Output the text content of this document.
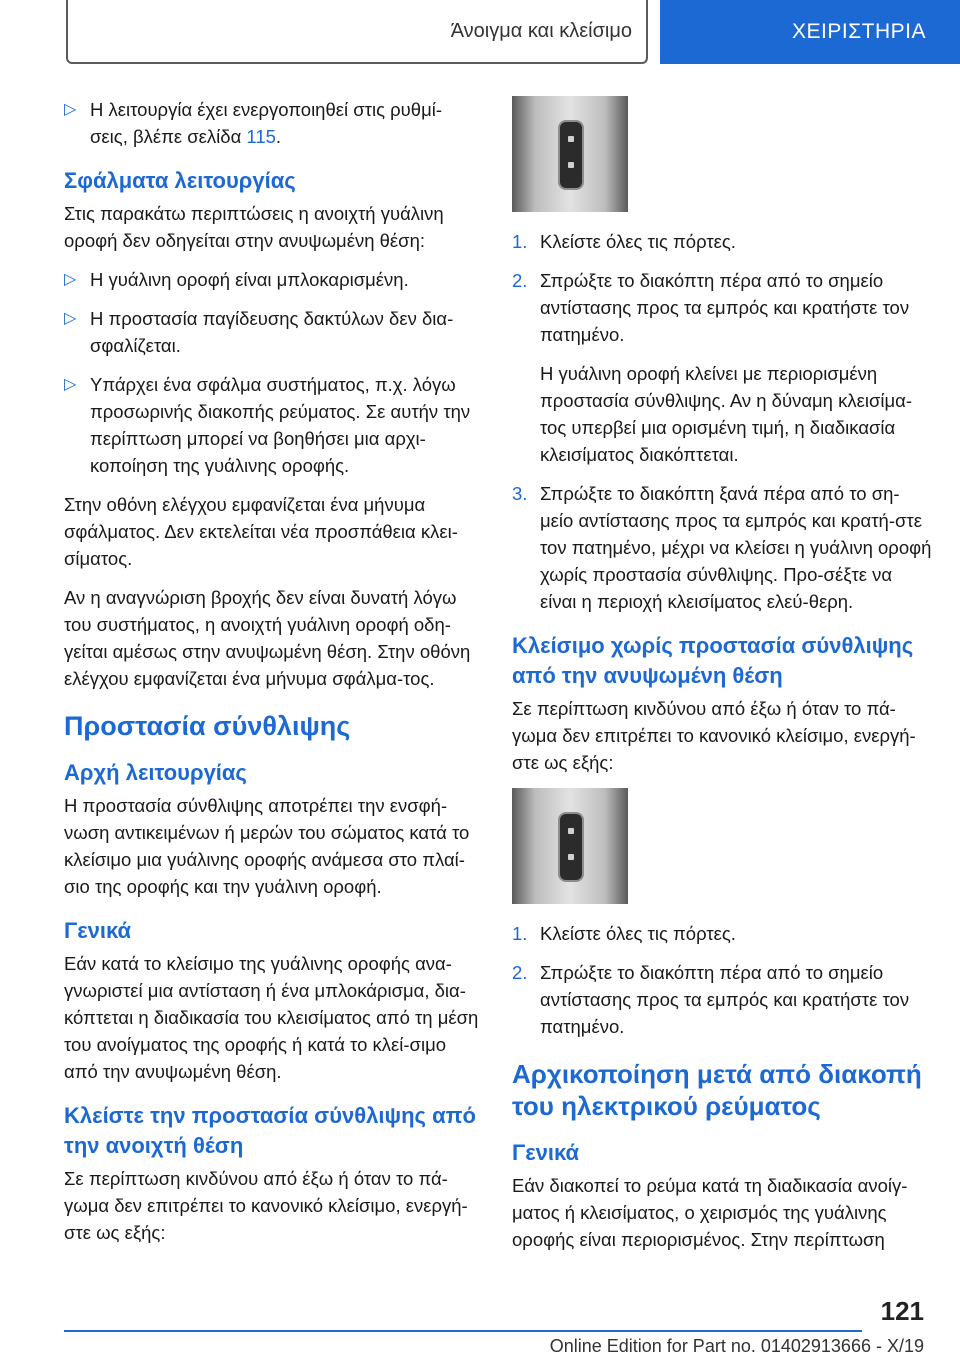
Άνοιγμα και κλείσιμο	ΧΕΙΡΙΣΤΗΡΙΑ
▷ Η λειτουργία έχει ενεργοποιηθεί στις ρυθμί-
σεις, βλέπε σελίδα 115.
Σφάλματα λειτουργίας

Στις παρακάτω περιπτώσεις η ανοιχτή γυάλινη οροφή δεν οδηγείται στην ανυψωμένη θέση:

▷ Η γυάλινη οροφή είναι μπλοκαρισμένη.
▷ Η προστασία παγίδευσης δακτύλων δεν δια-σφαλίζεται.
▷ Υπάρχει ένα σφάλμα συστήματος, π.χ. λόγω προσωρινής διακοπής ρεύματος. Σε αυτήν την περίπτωση μπορεί να βοηθήσει μια αρχι-κοποίηση της γυάλινης οροφής.

Στην οθόνη ελέγχου εμφανίζεται ένα μήνυμα σφάλματος. Δεν εκτελείται νέα προσπάθεια κλει-σίματος.

Αν η αναγνώριση βροχής δεν είναι δυνατή λόγω του συστήματος, η ανοιχτή γυάλινη οροφή οδη-γείται αμέσως στην ανυψωμένη θέση. Στην οθόνη ελέγχου εμφανίζεται ένα μήνυμα σφάλμα-τος.

Προστασία σύνθλιψης
Αρχή λειτουργίας

Η προστασία σύνθλιψης αποτρέπει την ενσφή-νωση αντικειμένων ή μερών του σώματος κατά το κλείσιμο μια γυάλινης οροφής ανάμεσα στο πλαί-σιο της οροφής και την γυάλινη οροφή.

Γενικά

Εάν κατά το κλείσιμο της γυάλινης οροφής ανα-γνωριστεί μια αντίσταση ή ένα μπλοκάρισμα, δια-κόπτεται η διαδικασία του κλεισίματος από τη μέση του ανοίγματος της οροφής ή κατά το κλεί-σιμο από την ανυψωμένη θέση.

Κλείστε την προστασία σύνθλιψης από την ανοιχτή θέση

Σε περίπτωση κινδύνου από έξω ή όταν το πά-γωμα δεν επιτρέπει το κανονικό κλείσιμο, ενεργή-στε ως εξής:

1. Κλείστε όλες τις πόρτες.
2. Σπρώξτε το διακόπτη πέρα από το σημείο αντίστασης προς τα εμπρός και κρατήστε τον πατημένο.
Η γυάλινη οροφή κλείνει με περιορισμένη προστασία σύνθλιψης. Αν η δύναμη κλεισίμα-τος υπερβεί μια ορισμένη τιμή, η διαδικασία κλεισίματος διακόπτεται.
3. Σπρώξτε το διακόπτη ξανά πέρα από το ση-μείο αντίστασης προς τα εμπρός και κρατή-στε τον πατημένο, μέχρι να κλείσει η γυάλινη οροφή χωρίς προστασία σύνθλιψης. Προ-σέξτε να είναι η περιοχή κλεισίματος ελεύ-θερη.
Κλείσιμο χωρίς προστασία σύνθλιψης από την ανυψωμένη θέση

Σε περίπτωση κινδύνου από έξω ή όταν το πά-γωμα δεν επιτρέπει το κανονικό κλείσιμο, ενεργή-στε ως εξής:

1. Κλείστε όλες τις πόρτες.
2. Σπρώξτε το διακόπτη πέρα από το σημείο αντίστασης προς τα εμπρός και κρατήστε τον πατημένο.
Αρχικοποίηση μετά από διακοπή του ηλεκτρικού ρεύματος
Γενικά

Εάν διακοπεί το ρεύμα κατά τη διαδικασία ανοίγ-ματος ή κλεισίματος, ο χειρισμός της γυάλινης οροφής είναι περιορισμένος. Στην περίπτωση

121
Online Edition for Part no. 01402913666 - X/19
